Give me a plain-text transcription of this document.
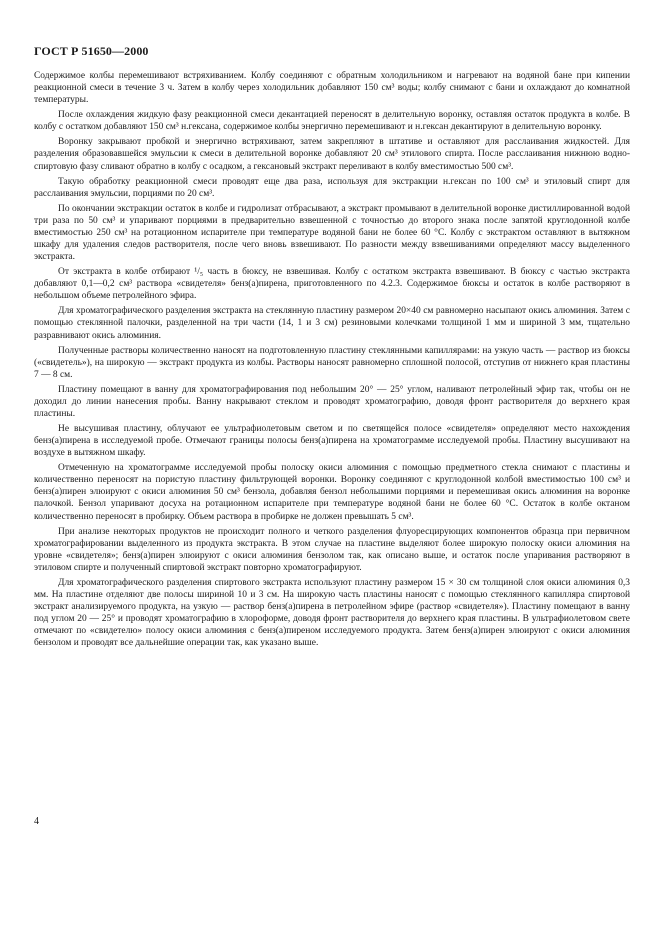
ГОСТ Р 51650—2000

Содержимое колбы перемешивают встряхиванием. Колбу соединяют с обратным холодильником и нагревают на водяной бане при кипении реакционной смеси в течение 3 ч. Затем в колбу через холодильник добавляют 150 см³ воды; колбу снимают с бани и охлаждают до комнатной температуры.

После охлаждения жидкую фазу реакционной смеси декантацией переносят в делительную воронку, оставляя остаток продукта в колбе. В колбу с остатком добавляют 150 см³ н.гексана, содержимое колбы энергично перемешивают и н.гексан декантируют в делительную воронку.

Воронку закрывают пробкой и энергично встряхивают, затем закрепляют в штативе и оставляют для расслаивания жидкостей. Для разделения образовавшейся эмульсии к смеси в делительной воронке добавляют 20 см³ этилового спирта. После расслаивания нижнюю водно-спиртовую фазу сливают обратно в колбу с осадком, а гексановый экстракт переливают в колбу вместимостью 500 см³.

Такую обработку реакционной смеси проводят еще два раза, используя для экстракции н.гексан по 100 см³ и этиловый спирт для расслаивания эмульсии, порциями по 20 см³.

По окончании экстракции остаток в колбе и гидролизат отбрасывают, а экстракт промывают в делительной воронке дистиллированной водой три раза по 50 см³ и упаривают порциями в предварительно взвешенной с точностью до второго знака после запятой круглодонной колбе вместимостью 250 см³ на ротационном испарителе при температуре водяной бани не более 60 °С. Колбу с экстрактом оставляют в вытяжном шкафу для удаления следов растворителя, после чего вновь взвешивают. По разности между взвешиваниями определяют массу выделенного экстракта.

От экстракта в колбе отбирают ¹/₅ часть в бюксу, не взвешивая. Колбу с остатком экстракта взвешивают. В бюксу с частью экстракта добавляют 0,1—0,2 см³ раствора «свидетеля» бенз(а)пирена, приготовленного по 4.2.3. Содержимое бюксы и остаток в колбе растворяют в небольшом объеме петролейного эфира.

Для хроматографического разделения экстракта на стеклянную пластину размером 20×40 см равномерно насыпают окись алюминия. Затем с помощью стеклянной палочки, разделенной на три части (14, 1 и 3 см) резиновыми колечками толщиной 1 мм и шириной 3 мм, тщательно разравнивают окись алюминия.

Полученные растворы количественно наносят на подготовленную пластину стеклянными капиллярами: на узкую часть — раствор из бюксы («свидетель»), на широкую — экстракт продукта из колбы. Растворы наносят равномерно сплошной полосой, отступив от нижнего края пластины 7 — 8 см.

Пластину помещают в ванну для хроматографирования под небольшим 20° — 25° углом, наливают петролейный эфир так, чтобы он не доходил до линии нанесения пробы. Ванну накрывают стеклом и проводят хроматографию, доводя фронт растворителя до верхнего края пластины.

Не высушивая пластину, облучают ее ультрафиолетовым светом и по светящейся полосе «свидетеля» определяют место нахождения бенз(а)пирена в исследуемой пробе. Отмечают границы полосы бенз(а)пирена на хроматограмме исследуемой пробы. Пластину высушивают на воздухе в вытяжном шкафу.

Отмеченную на хроматограмме исследуемой пробы полоску окиси алюминия с помощью предметного стекла снимают с пластины и количественно переносят на пористую пластину фильтрующей воронки. Воронку соединяют с круглодонной колбой вместимостью 100 см³ и бенз(а)пирен элюируют с окиси алюминия 50 см³ бензола, добавляя бензол небольшими порциями и перемешивая окись алюминия на воронке палочкой. Бензол упаривают досуха на ротационном испарителе при температуре водяной бани не более 60 °С. Остаток в колбе октаном количественно переносят в пробирку. Объем раствора в пробирке не должен превышать 5 см³.

При анализе некоторых продуктов не происходит полного и четкого разделения флуоресцирующих компонентов образца при первичном хроматографировании выделенного из продукта экстракта. В этом случае на пластине выделяют более широкую полоску окиси алюминия на уровне «свидетеля»; бенз(а)пирен элюируют с окиси алюминия бензолом так, как описано выше, и остаток после упаривания растворяют в этиловом спирте и полученный спиртовой экстракт повторно хроматографируют.

Для хроматографического разделения спиртового экстракта используют пластину размером 15 × 30 см толщиной слоя окиси алюминия 0,3 мм. На пластине отделяют две полосы шириной 10 и 3 см. На широкую часть пластины наносят с помощью стеклянного капилляра спиртовой экстракт анализируемого продукта, на узкую — раствор бенз(а)пирена в петролейном эфире (раствор «свидетеля»). Пластину помещают в ванну под углом 20 — 25° и проводят хроматографию в хлороформе, доводя фронт растворителя до верхнего края пластины. В ультрафиолетовом свете отмечают по «свидетелю» полосу окиси алюминия с бенз(а)пиреном исследуемого продукта. Затем бенз(а)пирен элюируют с окиси алюминия бензолом и проводят все дальнейшие операции так, как указано выше.

4
